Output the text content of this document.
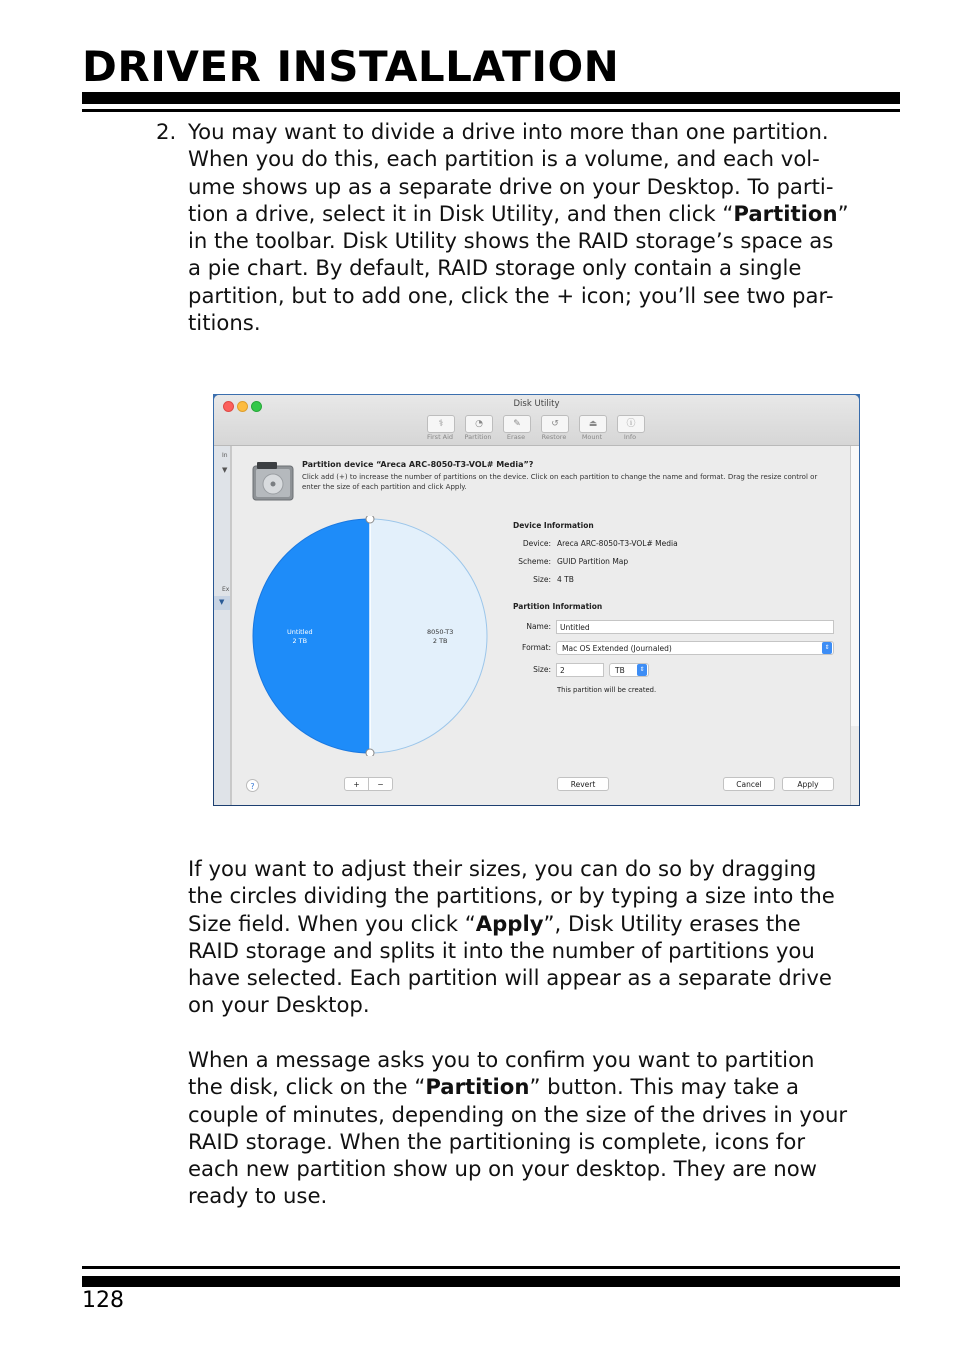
DRIVER INSTALLATION
2. You may want to divide a drive into more than one partition.
When you do this, each partition is a volume, and each vol-
ume shows up as a separate drive on your Desktop. To parti-
tion a drive, select it in Disk Utility, and then click “Partition”
in the toolbar. Disk Utility shows the RAID storage’s space as
a pie chart. By default, RAID storage only contain a single
partition, but to add one, click the + icon; you’ll see two par-
titions.
Disk Utility
⚕
First Aid
◔
Partition
✎
Erase
↺
Restore
⏏
Mount
ⓘ
Info
In
▼
Ex
▼
Partition device “Areca ARC-8050-T3-VOL# Media”?
Click add (+) to increase the number of partitions on the device. Click on each partition to change the name and format. Drag the resize control or enter the size of each partition and click Apply.
Untitled
2 TB
8050-T3
2 TB
Device Information
Device: Areca ARC-8050-T3-VOL# Media
Scheme: GUID Partition Map
Size: 4 TB
Partition Information
Name:	Untitled
Format:	Mac OS Extended (Journaled)	⇕
Size:	2	TB	⇕
This partition will be created.
?	+	−	Revert	Cancel	Apply
If you want to adjust their sizes, you can do so by dragging
the circles dividing the partitions, or by typing a size into the
Size field. When you click “Apply”, Disk Utility erases the
RAID storage and splits it into the number of partitions you
have selected. Each partition will appear as a separate drive
on your Desktop.
When a message asks you to confirm you want to partition
the disk, click on the “Partition” button. This may take a
couple of minutes, depending on the size of the drives in your
RAID storage. When the partitioning is complete, icons for
each new partition show up on your desktop. They are now
ready to use.
128
